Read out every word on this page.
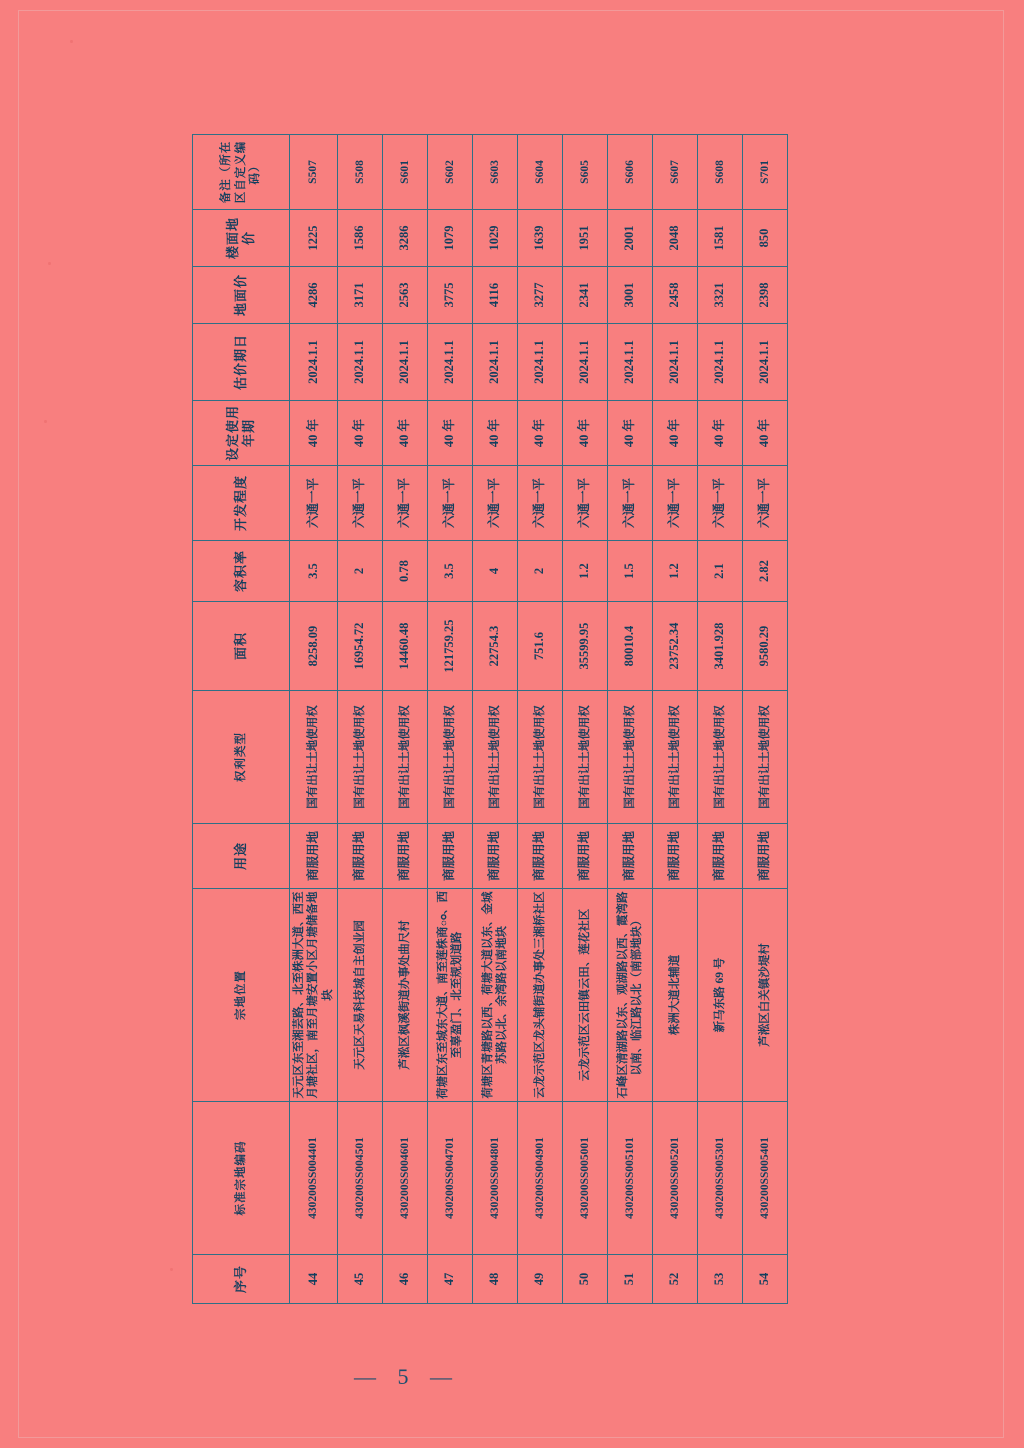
序号	标准宗地编码	宗地位置	用途	权利类型	面积	容积率	开发程度	设定使用年期	估价期日	地面价	楼面地价	备注（所在区自定义编码）
44	430200SS004401	天元区东至湘芸路、北至株洲大道、西至月塘社区，南至月塘安置小区月塘储备地块	商服用地	国有出让土地使用权	8258.09	3.5	六通一平	40 年	2024.1.1	4286	1225	S507
45	430200SS004501	天元区天易科技城自主创业园	商服用地	国有出让土地使用权	16954.72	2	六通一平	40 年	2024.1.1	3171	1586	S508
46	430200SS004601	芦淞区枫溪街道办事处曲尺村	商服用地	国有出让土地使用权	14460.48	0.78	六通一平	40 年	2024.1.1	2563	3286	S601
47	430200SS004701	荷塘区东至城东大道、南至莲株商ం、西至辜盈门、北至规划道路	商服用地	国有出让土地使用权	121759.25	3.5	六通一平	40 年	2024.1.1	3775	1079	S602
48	430200SS004801	荷塘区青塘路以西、荷塘大道以东、金城苏路以北、余湾路以南地块	商服用地	国有出让土地使用权	22754.3	4	六通一平	40 年	2024.1.1	4116	1029	S603
49	430200SS004901	云龙示范区龙头铺街道办事处三湘桥社区	商服用地	国有出让土地使用权	751.6	2	六通一平	40 年	2024.1.1	3277	1639	S604
50	430200SS005001	云龙示范区云田镇云田、莲花社区	商服用地	国有出让土地使用权	35599.95	1.2	六通一平	40 年	2024.1.1	2341	1951	S605
51	430200SS005101	石峰区清湖路以东、观湖路以西、霞湾路以南、临江路以北（南部地块）	商服用地	国有出让土地使用权	80010.4	1.5	六通一平	40 年	2024.1.1	3001	2001	S606
52	430200SS005201	株洲大道北辅道	商服用地	国有出让土地使用权	23752.34	1.2	六通一平	40 年	2024.1.1	2458	2048	S607
53	430200SS005301	新马东路 69 号	商服用地	国有出让土地使用权	3401.928	2.1	六通一平	40 年	2024.1.1	3321	1581	S608
54	430200SS005401	芦淞区白关镇沙堤村	商服用地	国有出让土地使用权	9580.29	2.82	六通一平	40 年	2024.1.1	2398	850	S701
— 5 —
